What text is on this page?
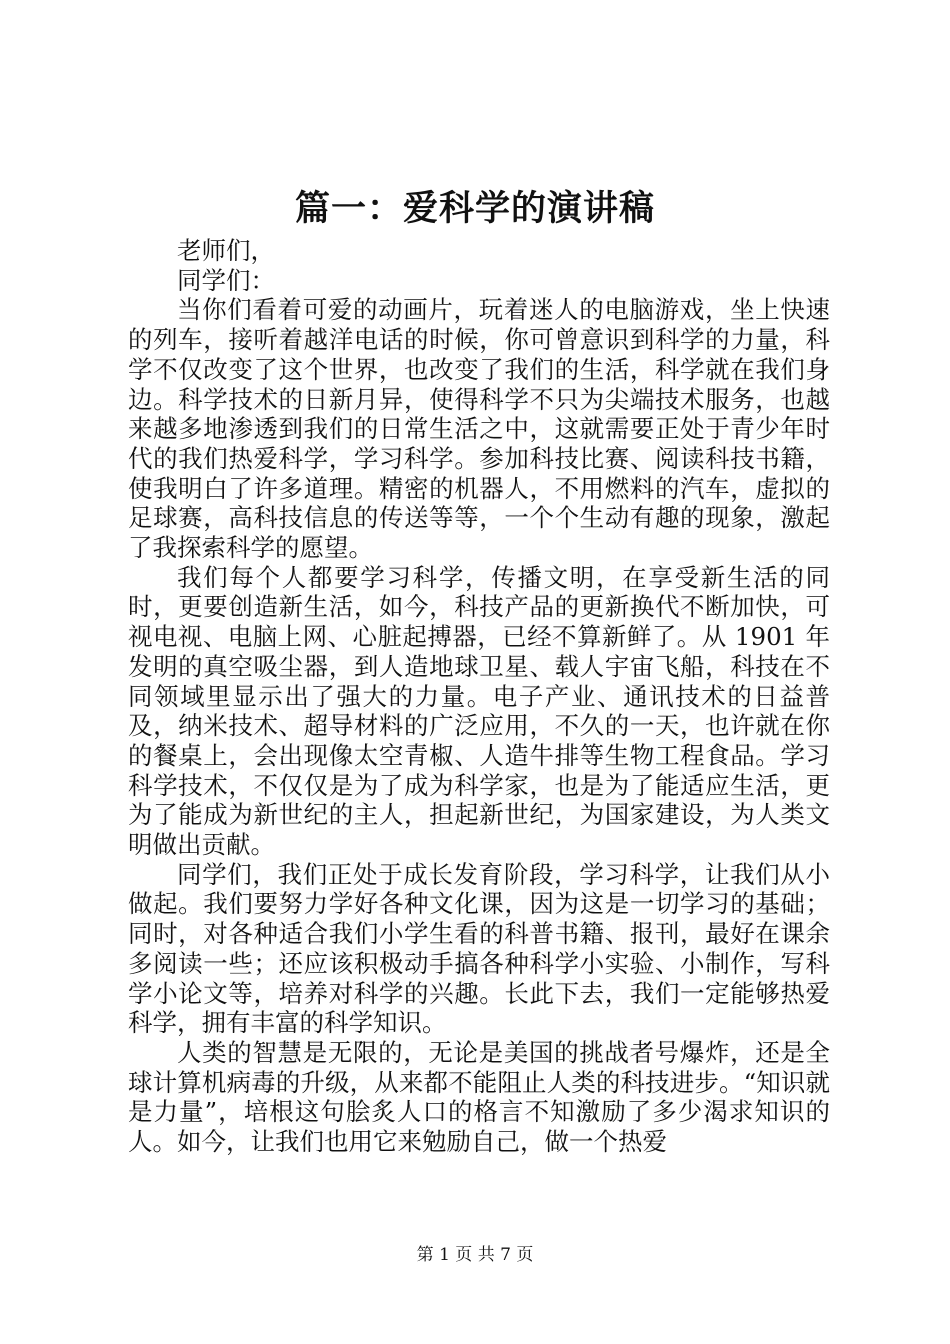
篇一：爱科学的演讲稿

老师们，

同学们：

当你们看着可爱的动画片，玩着迷人的电脑游戏，坐上快速的列车，接听着越洋电话的时候，你可曾意识到科学的力量，科学不仅改变了这个世界，也改变了我们的生活，科学就在我们身边。科学技术的日新月异，使得科学不只为尖端技术服务，也越来越多地渗透到我们的日常生活之中，这就需要正处于青少年时代的我们热爱科学，学习科学。参加科技比赛、阅读科技书籍，使我明白了许多道理。精密的机器人，不用燃料的汽车，虚拟的足球赛，高科技信息的传送等等，一个个生动有趣的现象，激起了我探索科学的愿望。

我们每个人都要学习科学，传播文明，在享受新生活的同时，更要创造新生活，如今，科技产品的更新换代不断加快，可视电视、电脑上网、心脏起搏器，已经不算新鲜了。从 1901 年发明的真空吸尘器，到人造地球卫星、载人宇宙飞船，科技在不同领域里显示出了强大的力量。电子产业、通讯技术的日益普及，纳米技术、超导材料的广泛应用，不久的一天，也许就在你的餐桌上，会出现像太空青椒、人造牛排等生物工程食品。学习科学技术，不仅仅是为了成为科学家，也是为了能适应生活，更为了能成为新世纪的主人，担起新世纪，为国家建设，为人类文明做出贡献。

同学们，我们正处于成长发育阶段，学习科学，让我们从小做起。我们要努力学好各种文化课，因为这是一切学习的基础；同时，对各种适合我们小学生看的科普书籍、报刊，最好在课余多阅读一些；还应该积极动手搞各种科学小实验、小制作，写科学小论文等，培养对科学的兴趣。长此下去，我们一定能够热爱科学，拥有丰富的科学知识。

人类的智慧是无限的，无论是美国的挑战者号爆炸，还是全球计算机病毒的升级，从来都不能阻止人类的科技进步。“知识就是力量”，培根这句脍炙人口的格言不知激励了多少渴求知识的人。如今，让我们也用它来勉励自己，做一个热爱

第 1 页 共 7 页
